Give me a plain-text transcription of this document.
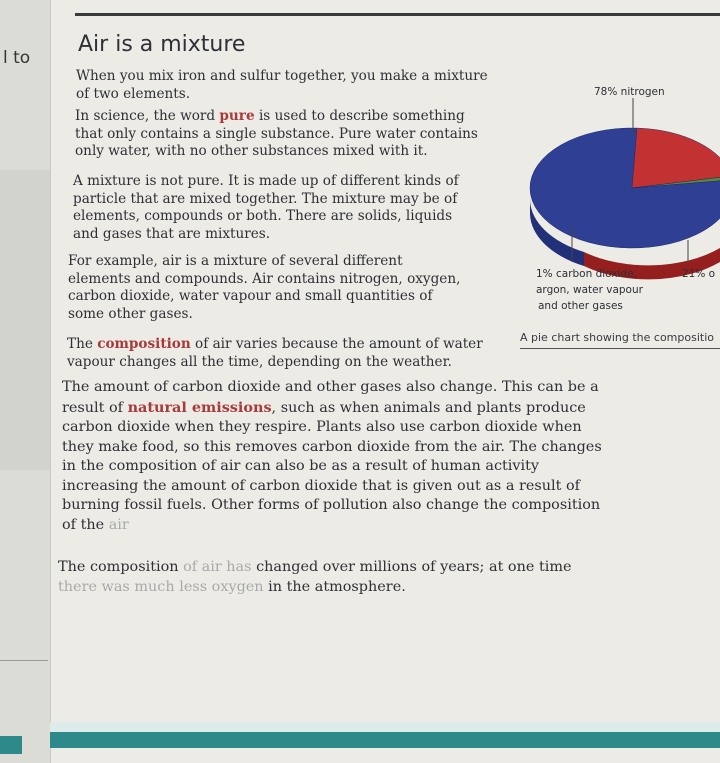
l to
Air is a mixture

When you mix iron and sulfur together, you make a mixture of two elements.

In science, the word pure is used to describe something that only contains a single substance. Pure water contains only water, with no other substances mixed with it.

A mixture is not pure. It is made up of different kinds of particle that are mixed together. The mixture may be of elements, compounds or both. There are solids, liquids and gases that are mixtures.

For example, air is a mixture of several different elements and compounds. Air contains nitrogen, oxygen, carbon dioxide, water vapour and small quantities of some other gases.

The composition of air varies because the amount of water vapour changes all the time, depending on the weather.

The amount of carbon dioxide and other gases also change. This can be a result of natural emissions, such as when animals and plants produce carbon dioxide when they respire. Plants also use carbon dioxide when they make food, so this removes carbon dioxide from the air. The changes in the composition of air can also be as a result of human activity increasing the amount of carbon dioxide that is given out as a result of burning fossil fuels. Other forms of pollution also change the composition of the air

The composition of air has changed over millions of years; at one time there was much less oxygen in the atmosphere.

78% nitrogen
21% o
1% carbon dioxide,
argon, water vapour
and other gases
A pie chart showing the compositio
